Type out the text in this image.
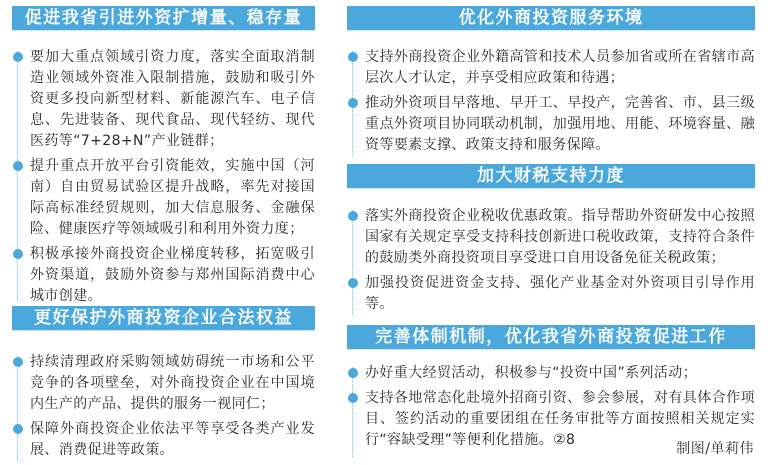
促进我省引进外资扩增量、稳存量
要加大重点领域引资力度，落实全面取消制造业领域外资准入限制措施，鼓励和吸引外资更多投向新型材料、新能源汽车、电子信息、先进装备、现代食品、现代轻纺、现代医药等“7+28+N”产业链群；
提升重点开放平台引资能效，实施中国（河南）自由贸易试验区提升战略，率先对接国际高标准经贸规则，加大信息服务、金融保险、健康医疗等领域吸引和利用外资力度；
积极承接外商投资企业梯度转移，拓宽吸引外资渠道，鼓励外资参与郑州国际消费中心城市创建。
更好保护外商投资企业合法权益
持续清理政府采购领域妨碍统一市场和公平竞争的各项壁垒，对外商投资企业在中国境内生产的产品、提供的服务一视同仁；
保障外商投资企业依法平等享受各类产业发展、消费促进等政策。
优化外商投资服务环境
支持外商投资企业外籍高管和技术人员参加省或所在省辖市高层次人才认定，并享受相应政策和待遇；
推动外资项目早落地、早开工、早投产，完善省、市、县三级重点外资项目协同联动机制，加强用地、用能、环境容量、融资等要素支撑、政策支持和服务保障。
加大财税支持力度
落实外商投资企业税收优惠政策。指导帮助外资研发中心按照国家有关规定享受支持科技创新进口税收政策，支持符合条件的鼓励类外商投资项目享受进口自用设备免征关税政策；
加强投资促进资金支持、强化产业基金对外资项目引导作用等。
完善体制机制，优化我省外商投资促进工作
办好重大经贸活动，积极参与“投资中国”系列活动；
支持各地常态化赴境外招商引资、参会参展，对有具体合作项目、签约活动的重要团组在任务审批等方面按照相关规定实行“容缺受理”等便利化措施。②8
制图/单莉伟
